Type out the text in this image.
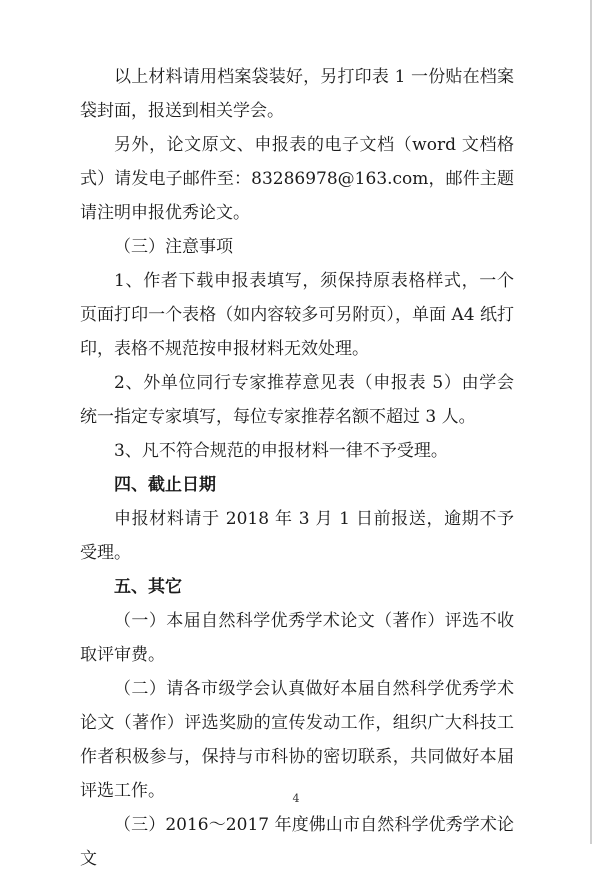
以上材料请用档案袋装好，另打印表 1 一份贴在档案袋封面，报送到相关学会。

另外，论文原文、申报表的电子文档（word 文档格式）请发电子邮件至：83286978@163.com，邮件主题请注明申报优秀论文。

（三）注意事项

1、作者下载申报表填写，须保持原表格样式，一个页面打印一个表格（如内容较多可另附页），单面 A4 纸打印，表格不规范按申报材料无效处理。

2、外单位同行专家推荐意见表（申报表 5）由学会统一指定专家填写，每位专家推荐名额不超过 3 人。

3、凡不符合规范的申报材料一律不予受理。

四、截止日期

申报材料请于 2018 年 3 月 1 日前报送，逾期不予受理。

五、其它

（一）本届自然科学优秀学术论文（著作）评选不收取评审费。

（二）请各市级学会认真做好本届自然科学优秀学术论文（著作）评选奖励的宣传发动工作，组织广大科技工作者积极参与，保持与市科协的密切联系，共同做好本届评选工作。

（三）2016～2017 年度佛山市自然科学优秀学术论文

4
